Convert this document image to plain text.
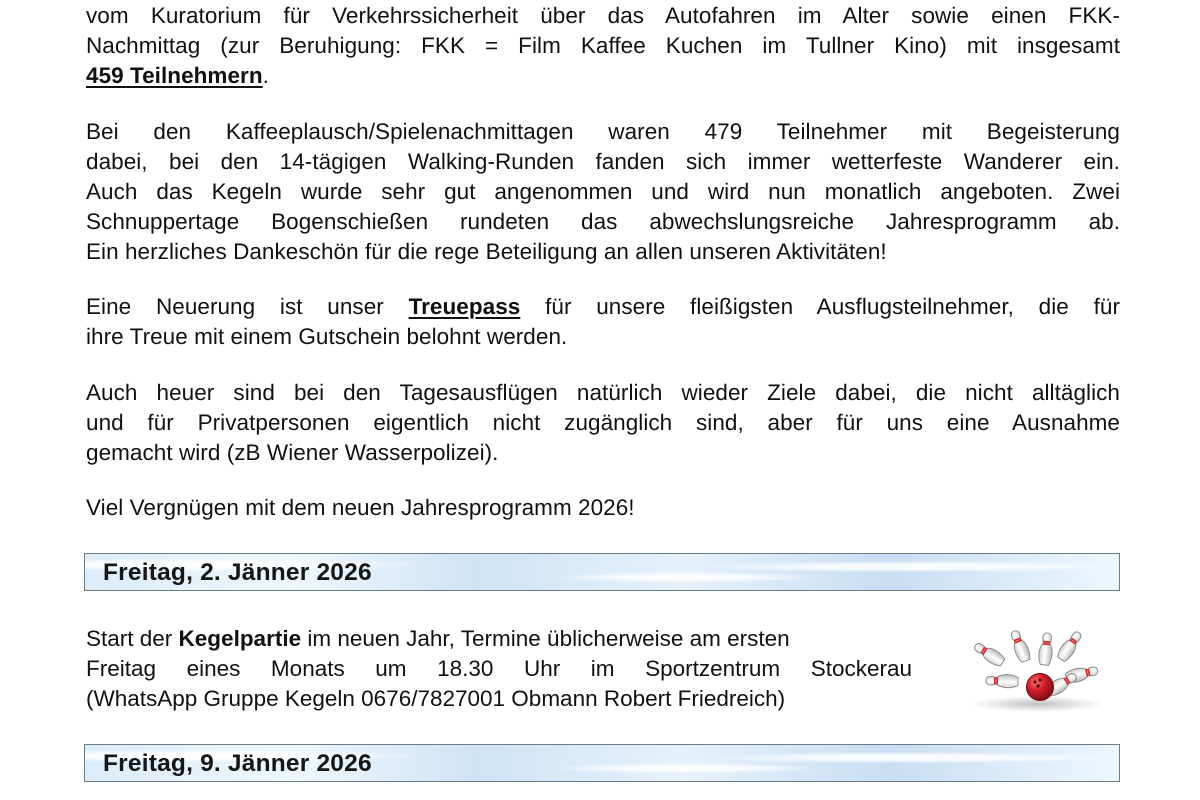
vom Kuratorium für Verkehrssicherheit über das Autofahren im Alter sowie einen FKK-
Nachmittag (zur Beruhigung: FKK = Film Kaffee Kuchen im Tullner Kino) mit insgesamt
459 Teilnehmern.

Bei den Kaffeeplausch/Spielenachmittagen waren 479 Teilnehmer mit Begeisterung
dabei, bei den 14-tägigen Walking-Runden fanden sich immer wetterfeste Wanderer ein.
Auch das Kegeln wurde sehr gut angenommen und wird nun monatlich angeboten. Zwei
Schnuppertage Bogenschießen rundeten das abwechslungsreiche Jahresprogramm ab.
Ein herzliches Dankeschön für die rege Beteiligung an allen unseren Aktivitäten!

Eine Neuerung ist unser Treuepass für unsere fleißigsten Ausflugsteilnehmer, die für
ihre Treue mit einem Gutschein belohnt werden.

Auch heuer sind bei den Tagesausflügen natürlich wieder Ziele dabei, die nicht alltäglich
und für Privatpersonen eigentlich nicht zugänglich sind, aber für uns eine Ausnahme
gemacht wird (zB Wiener Wasserpolizei).

Viel Vergnügen mit dem neuen Jahresprogramm 2026!

Freitag, 2. Jänner 2026
Start der Kegelpartie im neuen Jahr, Termine üblicherweise am ersten
Freitag eines Monats um 18.30 Uhr im Sportzentrum Stockerau
(WhatsApp Gruppe Kegeln 0676/7827001 Obmann Robert Friedreich)
Freitag, 9. Jänner 2026
